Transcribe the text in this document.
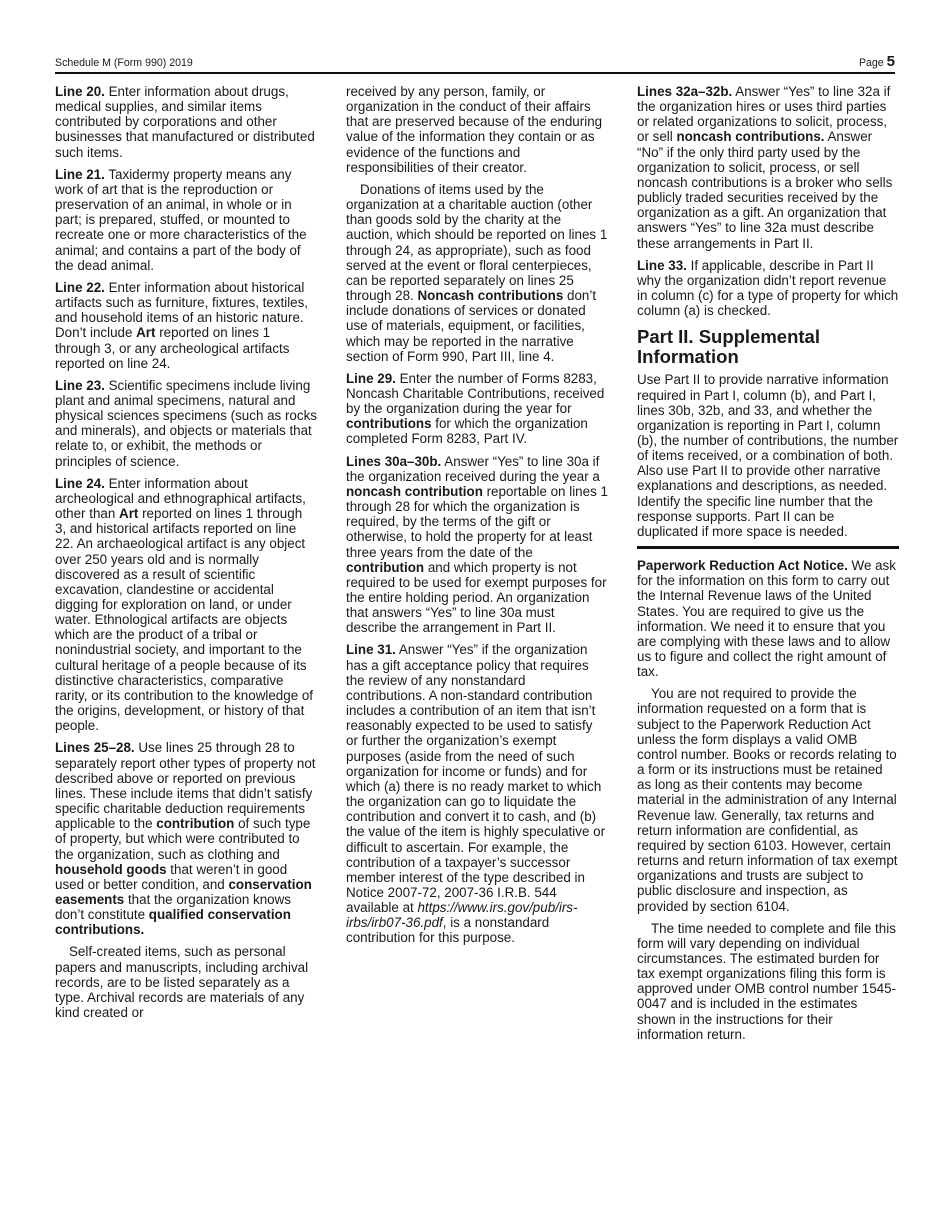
Schedule M (Form 990) 2019	Page 5

Line 20. Enter information about drugs, medical supplies, and similar items contributed by corporations and other businesses that manufactured or distributed such items.

Line 21. Taxidermy property means any work of art that is the reproduction or preservation of an animal, in whole or in part; is prepared, stuffed, or mounted to recreate one or more characteristics of the animal; and contains a part of the body of the dead animal.

Line 22. Enter information about historical artifacts such as furniture, fixtures, textiles, and household items of an historic nature. Don’t include Art reported on lines 1 through 3, or any archeological artifacts reported on line 24.

Line 23. Scientific specimens include living plant and animal specimens, natural and physical sciences specimens (such as rocks and minerals), and objects or materials that relate to, or exhibit, the methods or principles of science.

Line 24. Enter information about archeological and ethnographical artifacts, other than Art reported on lines 1 through 3, and historical artifacts reported on line 22. An archaeological artifact is any object over 250 years old and is normally discovered as a result of scientific excavation, clandestine or accidental digging for exploration on land, or under water. Ethnological artifacts are objects which are the product of a tribal or nonindustrial society, and important to the cultural heritage of a people because of its distinctive characteristics, comparative rarity, or its contribution to the knowledge of the origins, development, or history of that people.

Lines 25–28. Use lines 25 through 28 to separately report other types of property not described above or reported on previous lines. These include items that didn’t satisfy specific charitable deduction requirements applicable to the contribution of such type of property, but which were contributed to the organization, such as clothing and household goods that weren’t in good used or better condition, and conservation easements that the organization knows don’t constitute qualified conservation contributions.

Self-created items, such as personal papers and manuscripts, including archival records, are to be listed separately as a type. Archival records are materials of any kind created or

received by any person, family, or organization in the conduct of their affairs that are preserved because of the enduring value of the information they contain or as evidence of the functions and responsibilities of their creator.

Donations of items used by the organization at a charitable auction (other than goods sold by the charity at the auction, which should be reported on lines 1 through 24, as appropriate), such as food served at the event or floral centerpieces, can be reported separately on lines 25 through 28. Noncash contributions don’t include donations of services or donated use of materials, equipment, or facilities, which may be reported in the narrative section of Form 990, Part III, line 4.

Line 29. Enter the number of Forms 8283, Noncash Charitable Contributions, received by the organization during the year for contributions for which the organization completed Form 8283, Part IV.

Lines 30a–30b. Answer “Yes” to line 30a if the organization received during the year a noncash contribution reportable on lines 1 through 28 for which the organization is required, by the terms of the gift or otherwise, to hold the property for at least three years from the date of the contribution and which property is not required to be used for exempt purposes for the entire holding period. An organization that answers “Yes” to line 30a must describe the arrangement in Part II.

Line 31. Answer “Yes” if the organization has a gift acceptance policy that requires the review of any nonstandard contributions. A non-standard contribution includes a contribution of an item that isn’t reasonably expected to be used to satisfy or further the organization’s exempt purposes (aside from the need of such organization for income or funds) and for which (a) there is no ready market to which the organization can go to liquidate the contribution and convert it to cash, and (b) the value of the item is highly speculative or difficult to ascertain. For example, the contribution of a taxpayer’s successor member interest of the type described in Notice 2007-72, 2007-36 I.R.B. 544 available at https://www.irs.gov/pub/irs-irbs/irb07-36.pdf, is a nonstandard contribution for this purpose.

Lines 32a–32b. Answer “Yes” to line 32a if the organization hires or uses third parties or related organizations to solicit, process, or sell noncash contributions. Answer “No” if the only third party used by the organization to solicit, process, or sell noncash contributions is a broker who sells publicly traded securities received by the organization as a gift. An organization that answers “Yes” to line 32a must describe these arrangements in Part II.

Line 33. If applicable, describe in Part II why the organization didn’t report revenue in column (c) for a type of property for which column (a) is checked.

Part II. Supplemental Information

Use Part II to provide narrative information required in Part I, column (b), and Part I, lines 30b, 32b, and 33, and whether the organization is reporting in Part I, column (b), the number of contributions, the number of items received, or a combination of both. Also use Part II to provide other narrative explanations and descriptions, as needed. Identify the specific line number that the response supports. Part II can be duplicated if more space is needed.

Paperwork Reduction Act Notice. We ask for the information on this form to carry out the Internal Revenue laws of the United States. You are required to give us the information. We need it to ensure that you are complying with these laws and to allow us to figure and collect the right amount of tax.

You are not required to provide the information requested on a form that is subject to the Paperwork Reduction Act unless the form displays a valid OMB control number. Books or records relating to a form or its instructions must be retained as long as their contents may become material in the administration of any Internal Revenue law. Generally, tax returns and return information are confidential, as required by section 6103. However, certain returns and return information of tax exempt organizations and trusts are subject to public disclosure and inspection, as provided by section 6104.

The time needed to complete and file this form will vary depending on individual circumstances. The estimated burden for tax exempt organizations filing this form is approved under OMB control number 1545-0047 and is included in the estimates shown in the instructions for their information return.
